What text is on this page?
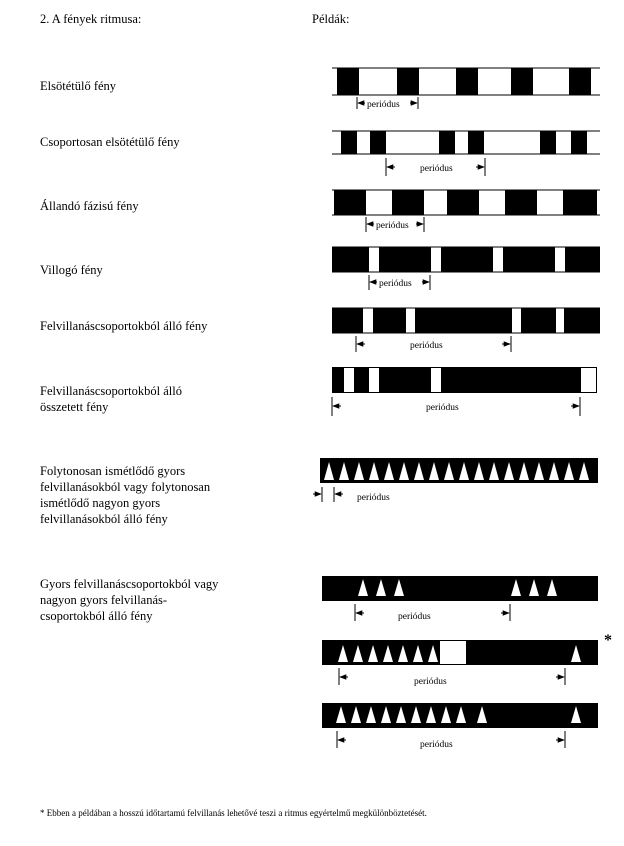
2. A fények ritmusa:	Példák:
Elsötétülő fény
Csoportosan elsötétülő fény
Állandó fázisú fény
Villogó fény
Felvillanáscsoportokból álló fény
Felvillanáscsoportokból álló
összetett fény
Folytonosan ismétlődő gyors
felvillanásokból vagy folytonosan
ismétlődő nagyon gyors
felvillanásokból álló fény
Gyors felvillanáscsoportokból vagy
nagyon gyors felvillanás-
csoportokból álló fény
*
* Ebben a példában a hosszú időtartamú felvillanás lehetővé teszi a ritmus egyértelmű megkülönböztetését.
periódus
periódus
periódus
periódus
periódus
periódus
periódus
periódus
periódus
periódus
